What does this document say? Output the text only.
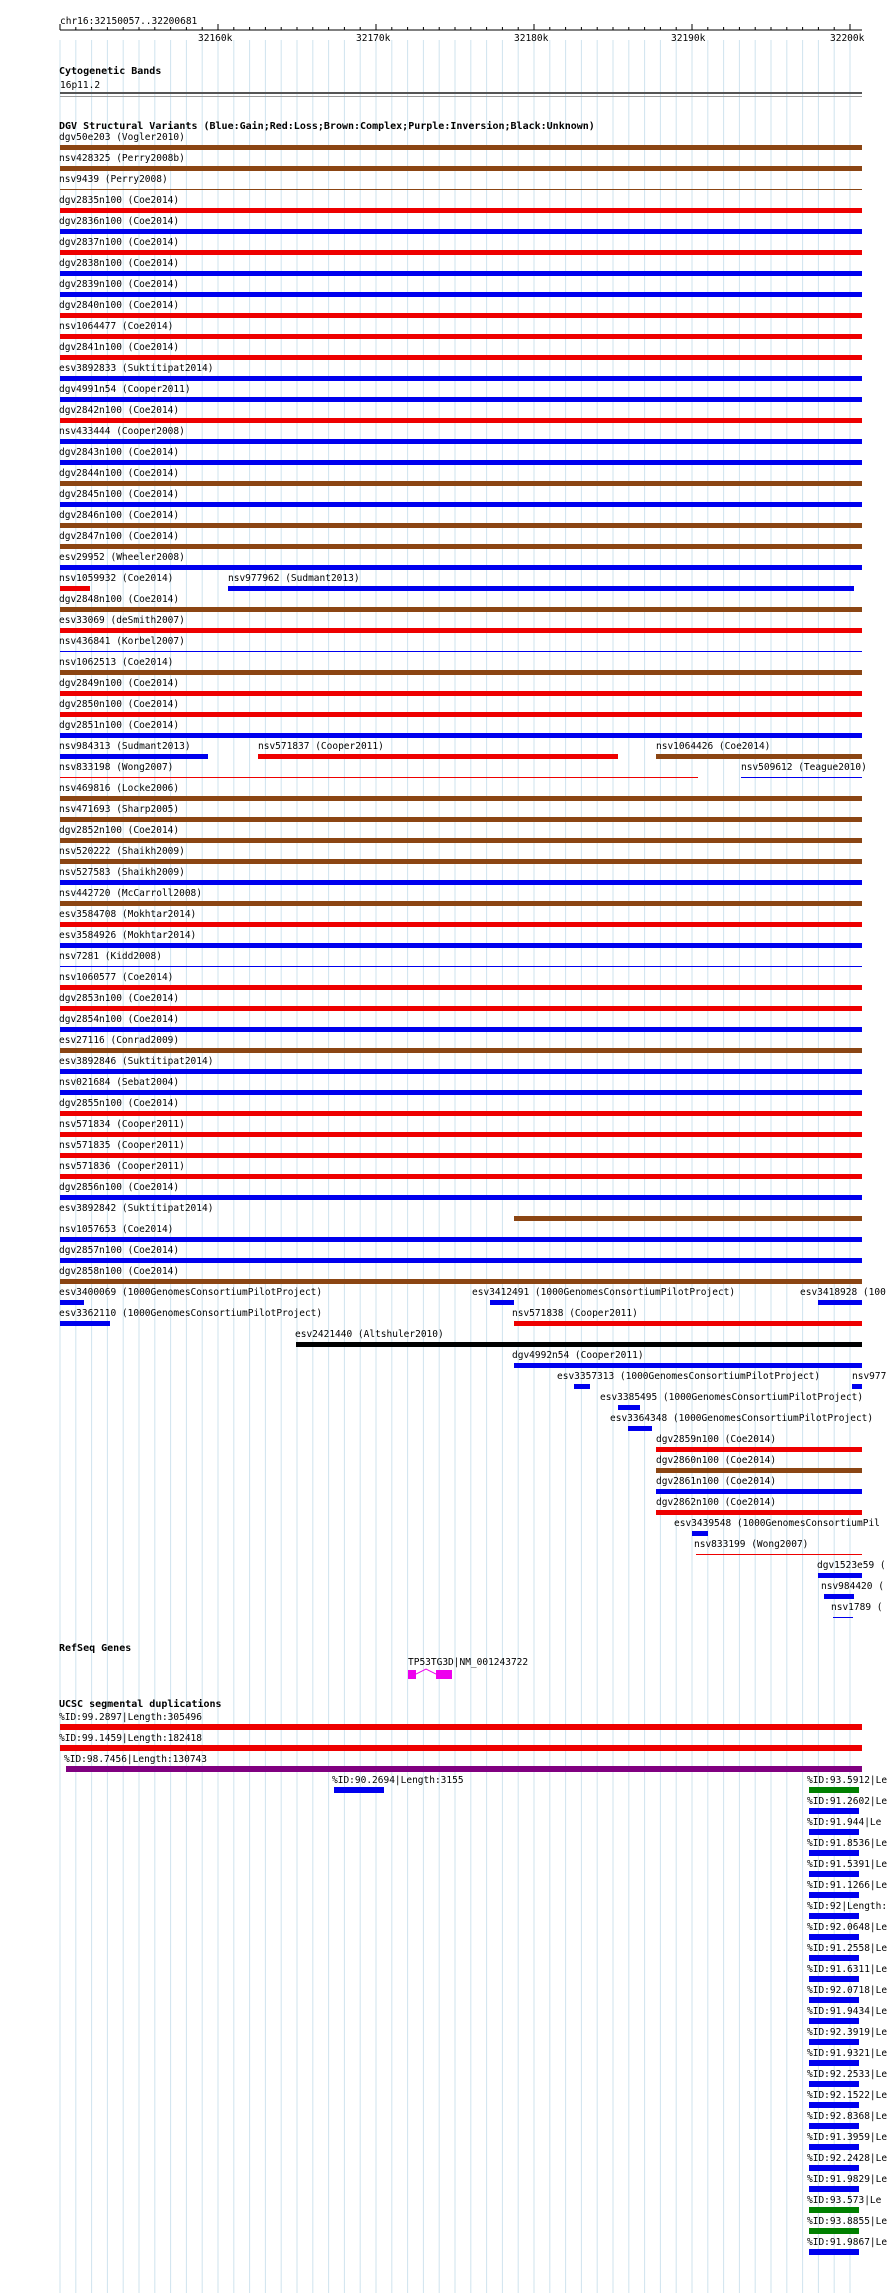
chr16:32150057..32200681
32160k	32170k	32180k	32190k	32200k
Cytogenetic Bands
16p11.2
DGV Structural Variants (Blue:Gain;Red:Loss;Brown:Complex;Purple:Inversion;Black:Unknown)
dgv50e203 (Vogler2010)
nsv428325 (Perry2008b)
nsv9439 (Perry2008)
dgv2835n100 (Coe2014)
dgv2836n100 (Coe2014)
dgv2837n100 (Coe2014)
dgv2838n100 (Coe2014)
dgv2839n100 (Coe2014)
dgv2840n100 (Coe2014)
nsv1064477 (Coe2014)
dgv2841n100 (Coe2014)
esv3892833 (Suktitipat2014)
dgv4991n54 (Cooper2011)
dgv2842n100 (Coe2014)
nsv433444 (Cooper2008)
dgv2843n100 (Coe2014)
dgv2844n100 (Coe2014)
dgv2845n100 (Coe2014)
dgv2846n100 (Coe2014)
dgv2847n100 (Coe2014)
esv29952 (Wheeler2008)
nsv1059932 (Coe2014)
dgv2848n100 (Coe2014)
esv33069 (deSmith2007)
nsv436841 (Korbel2007)
nsv1062513 (Coe2014)
dgv2849n100 (Coe2014)
dgv2850n100 (Coe2014)
dgv2851n100 (Coe2014)
nsv984313 (Sudmant2013)
nsv833198 (Wong2007)
nsv469816 (Locke2006)
nsv471693 (Sharp2005)
dgv2852n100 (Coe2014)
nsv520222 (Shaikh2009)
nsv527583 (Shaikh2009)
nsv442720 (McCarroll2008)
esv3584708 (Mokhtar2014)
esv3584926 (Mokhtar2014)
nsv7281 (Kidd2008)
nsv1060577 (Coe2014)
dgv2853n100 (Coe2014)
dgv2854n100 (Coe2014)
esv27116 (Conrad2009)
esv3892846 (Suktitipat2014)
nsv021684 (Sebat2004)
dgv2855n100 (Coe2014)
nsv571834 (Cooper2011)
nsv571835 (Cooper2011)
nsv571836 (Cooper2011)
dgv2856n100 (Coe2014)
esv3892842 (Suktitipat2014)
nsv1057653 (Coe2014)
dgv2857n100 (Coe2014)
dgv2858n100 (Coe2014)
esv3400069 (1000GenomesConsortiumPilotProject)
esv3362110 (1000GenomesConsortiumPilotProject)
nsv977962 (Sudmant2013)
nsv571837 (Cooper2011)	nsv1064426 (Coe2014)
nsv509612 (Teague2010)
esv3412491 (1000GenomesConsortiumPilotProject)	esv3418928 (100
nsv571838 (Cooper2011)
esv2421440 (Altshuler2010)
dgv4992n54 (Cooper2011)
esv3357313 (1000GenomesConsortiumPilotProject)	nsv977
esv3385495 (1000GenomesConsortiumPilotProject)
esv3364348 (1000GenomesConsortiumPilotProject)
dgv2859n100 (Coe2014)
dgv2860n100 (Coe2014)
dgv2861n100 (Coe2014)
dgv2862n100 (Coe2014)
esv3439548 (1000GenomesConsortiumPil
nsv833199 (Wong2007)
dgv1523e59 (
nsv984420 (
nsv1789 (
RefSeq Genes
TP53TG3D|NM_001243722
UCSC segmental duplications
%ID:99.2897|Length:305496
%ID:99.1459|Length:182418
%ID:98.7456|Length:130743
%ID:90.2694|Length:3155	%ID:93.5912|Le
%ID:91.2602|Le
%ID:91.944|Le
%ID:91.8536|Le
%ID:91.5391|Le
%ID:91.1266|Le
%ID:92|Length:
%ID:92.0648|Le
%ID:91.2558|Le
%ID:91.6311|Le
%ID:92.0718|Le
%ID:91.9434|Le
%ID:92.3919|Le
%ID:91.9321|Le
%ID:92.2533|Le
%ID:92.1522|Le
%ID:92.8368|Le
%ID:91.3959|Le
%ID:92.2428|Le
%ID:91.9829|Le
%ID:93.573|Le
%ID:93.8855|Le
%ID:91.9867|Le
